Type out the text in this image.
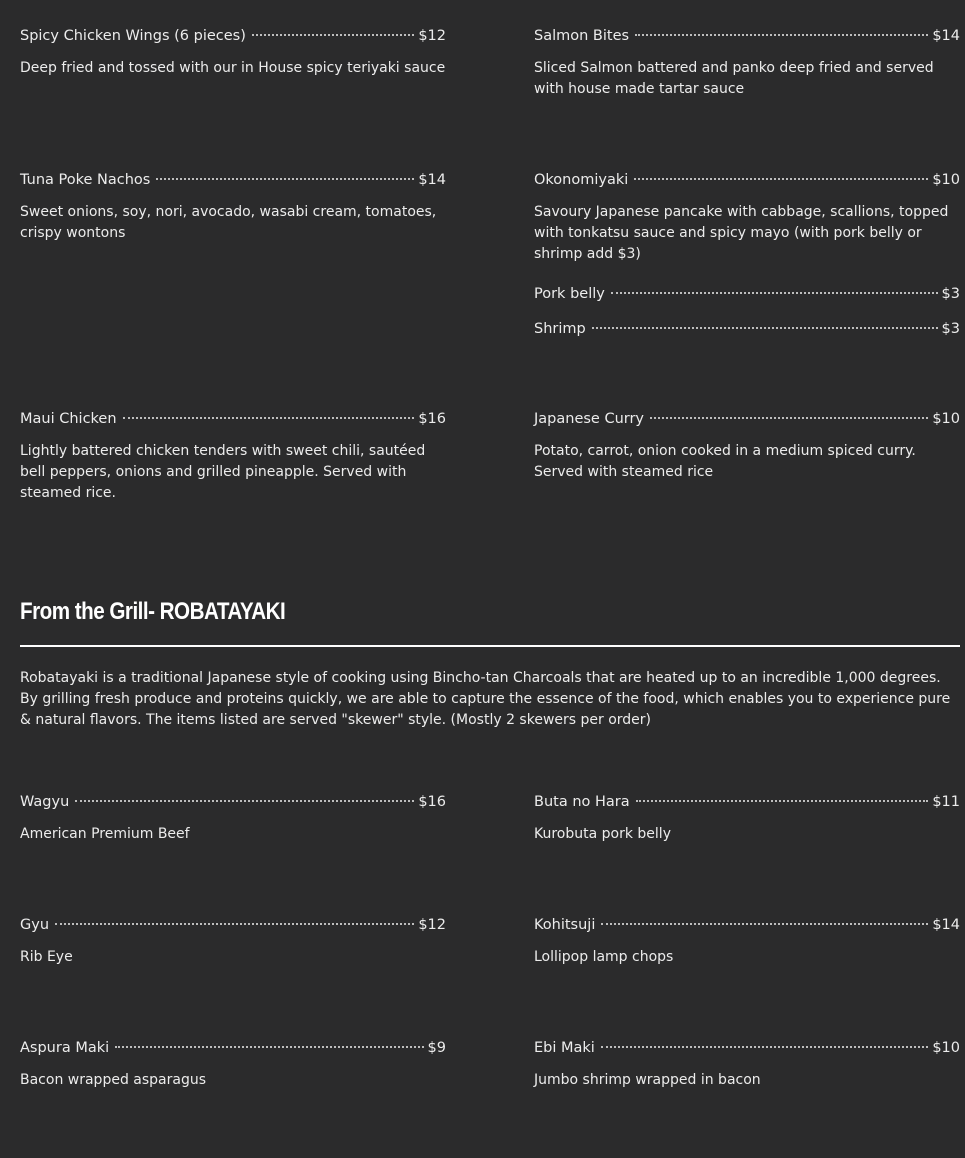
Spicy Chicken Wings (6 pieces)	$12
Deep fried and tossed with our in House spicy teriyaki sauce
Salmon Bites	$14
Sliced Salmon battered and panko deep fried and served with house made tartar sauce
Tuna Poke Nachos	$14
Sweet onions, soy, nori, avocado, wasabi cream, tomatoes, crispy wontons
Okonomiyaki	$10
Savoury Japanese pancake with cabbage, scallions, topped with tonkatsu sauce and spicy mayo (with pork belly or shrimp add $3)
Pork belly	$3
Shrimp	$3
Maui Chicken	$16
Lightly battered chicken tenders with sweet chili, sautéed bell peppers, onions and grilled pineapple. Served with steamed rice.
Japanese Curry	$10
Potato, carrot, onion cooked in a medium spiced curry. Served with steamed rice
From the Grill- ROBATAYAKI
Robatayaki is a traditional Japanese style of cooking using Bincho-tan Charcoals that are heated up to an incredible 1,000 degrees. By grilling fresh produce and proteins quickly, we are able to capture the essence of the food, which enables you to experience pure & natural flavors. The items listed are served "skewer" style. (Mostly 2 skewers per order)
Wagyu	$16
American Premium Beef
Buta no Hara	$11
Kurobuta pork belly
Gyu	$12
Rib Eye
Kohitsuji	$14
Lollipop lamp chops
Aspura Maki	$9
Bacon wrapped asparagus
Ebi Maki	$10
Jumbo shrimp wrapped in bacon
